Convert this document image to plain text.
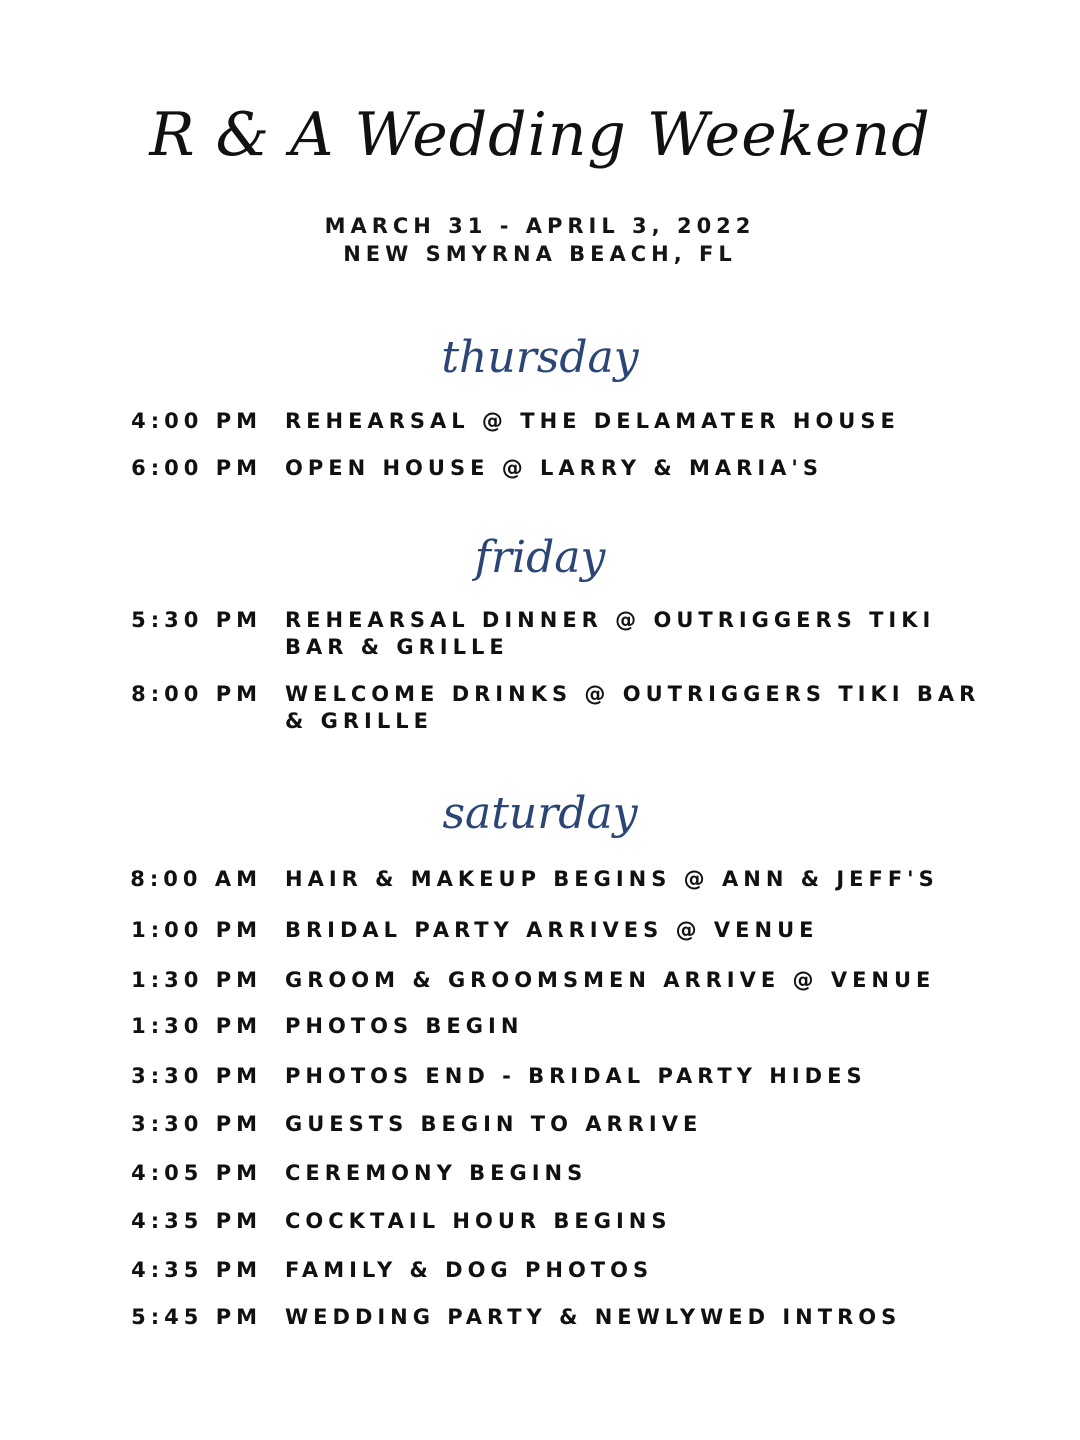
R & A Wedding Weekend
MARCH 31 - APRIL 3, 2022
NEW SMYRNA BEACH, FL
thursday
4:00 PM REHEARSAL @ THE DELAMATER HOUSE
6:00 PM OPEN HOUSE @ LARRY & MARIA'S
friday
5:30 PM REHEARSAL DINNER @ OUTRIGGERS TIKI BAR & GRILLE
8:00 PM WELCOME DRINKS @ OUTRIGGERS TIKI BAR & GRILLE
saturday
8:00 AM HAIR & MAKEUP BEGINS @ ANN & JEFF'S
1:00 PM BRIDAL PARTY ARRIVES @ VENUE
1:30 PM GROOM & GROOMSMEN ARRIVE @ VENUE
1:30 PM PHOTOS BEGIN
3:30 PM PHOTOS END - BRIDAL PARTY HIDES
3:30 PM GUESTS BEGIN TO ARRIVE
4:05 PM CEREMONY BEGINS
4:35 PM COCKTAIL HOUR BEGINS
4:35 PM FAMILY & DOG PHOTOS
5:45 PM WEDDING PARTY & NEWLYWED INTROS
